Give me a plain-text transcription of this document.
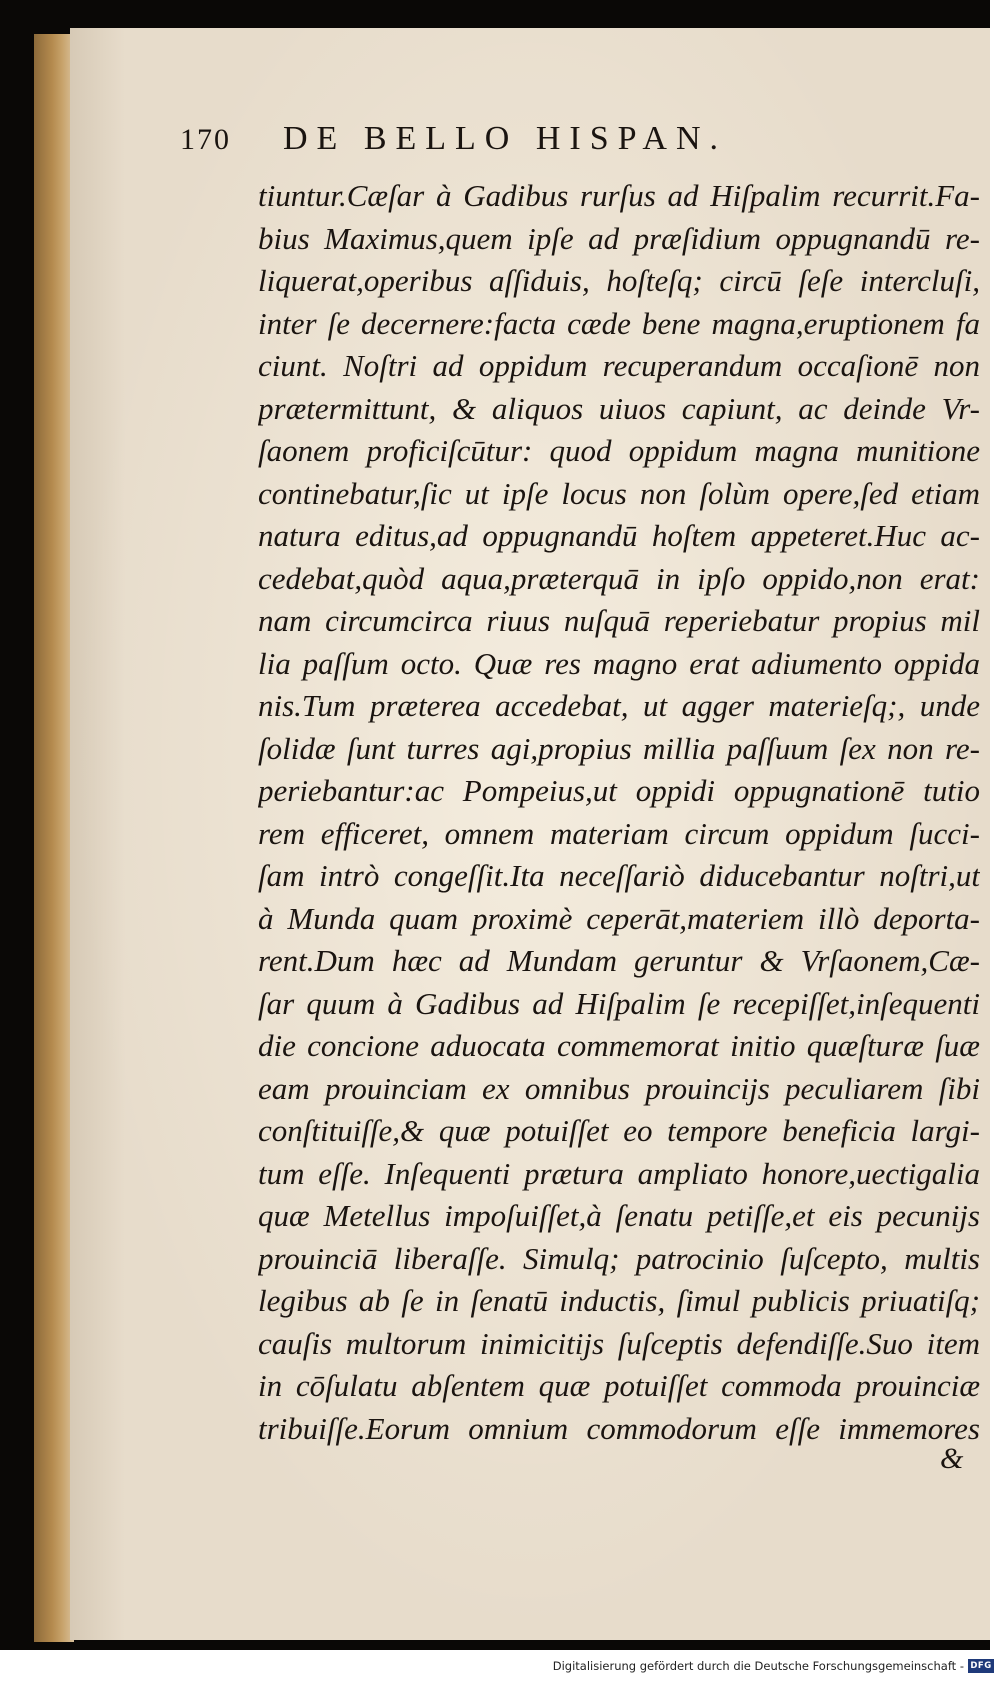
170 DE BELLO HISPAN.
tiuntur.Cæſar à Gadibus rurſus ad Hiſpalim recurrit.Fa-
bius Maximus,quem ipſe ad præſidium oppugnandū re-
liquerat,operibus aſſiduis, hoſteſq; circū ſeſe intercluſi,
inter ſe decernere:facta cæde bene magna,eruptionem fa
ciunt. Noſtri ad oppidum recuperandum occaſionē non
prætermittunt, & aliquos uiuos capiunt, ac deinde Vr-
ſaonem proficiſcūtur: quod oppidum magna munitione
continebatur,ſic ut ipſe locus non ſolùm opere,ſed etiam
natura editus,ad oppugnandū hoſtem appeteret.Huc ac-
cedebat,quòd aqua,præterquā in ipſo oppido,non erat:
nam circumcirca riuus nuſquā reperiebatur propius mil
lia paſſum octo. Quæ res magno erat adiumento oppida
nis.Tum præterea accedebat, ut agger materieſq;, unde
ſolidæ ſunt turres agi,propius millia paſſuum ſex non re-
periebantur:ac Pompeius,ut oppidi oppugnationē tutio
rem efficeret, omnem materiam circum oppidum ſucci-
ſam intrò congeſſit.Ita neceſſariò diducebantur noſtri,ut
à Munda quam proximè ceperāt,materiem illò deporta-
rent.Dum hæc ad Mundam geruntur & Vrſaonem,Cæ-
ſar quum à Gadibus ad Hiſpalim ſe recepiſſet,inſequenti
die concione aduocata commemorat initio quæſturæ ſuæ
eam prouinciam ex omnibus prouincijs peculiarem ſibi
conſtituiſſe,& quæ potuiſſet eo tempore beneficia largi-
tum eſſe. Inſequenti prætura ampliato honore,uectigalia
quæ Metellus impoſuiſſet,à ſenatu petiſſe,et eis pecunijs
prouinciā liberaſſe. Simulq; patrocinio ſuſcepto, multis
legibus ab ſe in ſenatū inductis, ſimul publicis priuatiſq;
cauſis multorum inimicitijs ſuſceptis defendiſſe.Suo item
in cōſulatu abſentem quæ potuiſſet commoda prouinciæ
tribuiſſe.Eorum omnium commodorum eſſe immemores
&
Digitalisierung gefördert durch die Deutsche Forschungsgemeinschaft - DFG
